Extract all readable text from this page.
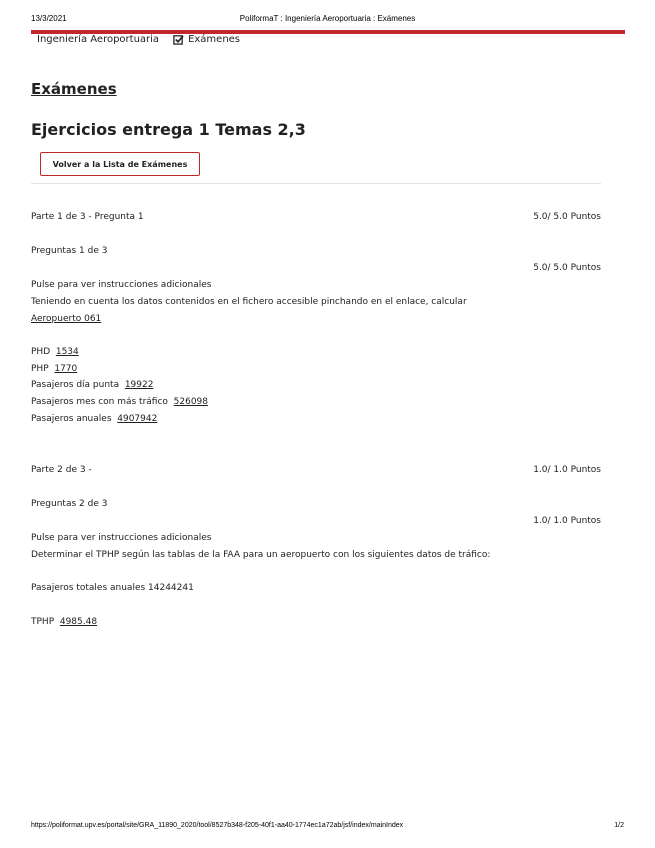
13/3/2021	PoliformaT : Ingeniería Aeroportuaria : Exámenes
Ingeniería Aeroportuaria	Exámenes
Exámenes
Ejercicios entrega 1 Temas 2,3
Volver a la Lista de Exámenes
Parte 1 de 3 - Pregunta 1	5.0/ 5.0 Puntos
Preguntas 1 de 3
5.0/ 5.0 Puntos
Pulse para ver instrucciones adicionales
Teniendo en cuenta los datos contenidos en el fichero accesible pinchando en el enlace, calcular
Aeropuerto 061
PHD 1534
PHP 1770
Pasajeros día punta 19922
Pasajeros mes con más tráfico 526098
Pasajeros anuales 4907942
Parte 2 de 3 -	1.0/ 1.0 Puntos
Preguntas 2 de 3
1.0/ 1.0 Puntos
Pulse para ver instrucciones adicionales
Determinar el TPHP según las tablas de la FAA para un aeropuerto con los siguientes datos de tráfico:
Pasajeros totales anuales 14244241
TPHP 4985.48
https://poliformat.upv.es/portal/site/GRA_11890_2020/tool/8527b348-f205-40f1-aa40-1774ec1a72ab/jsf/index/mainIndex	1/2
